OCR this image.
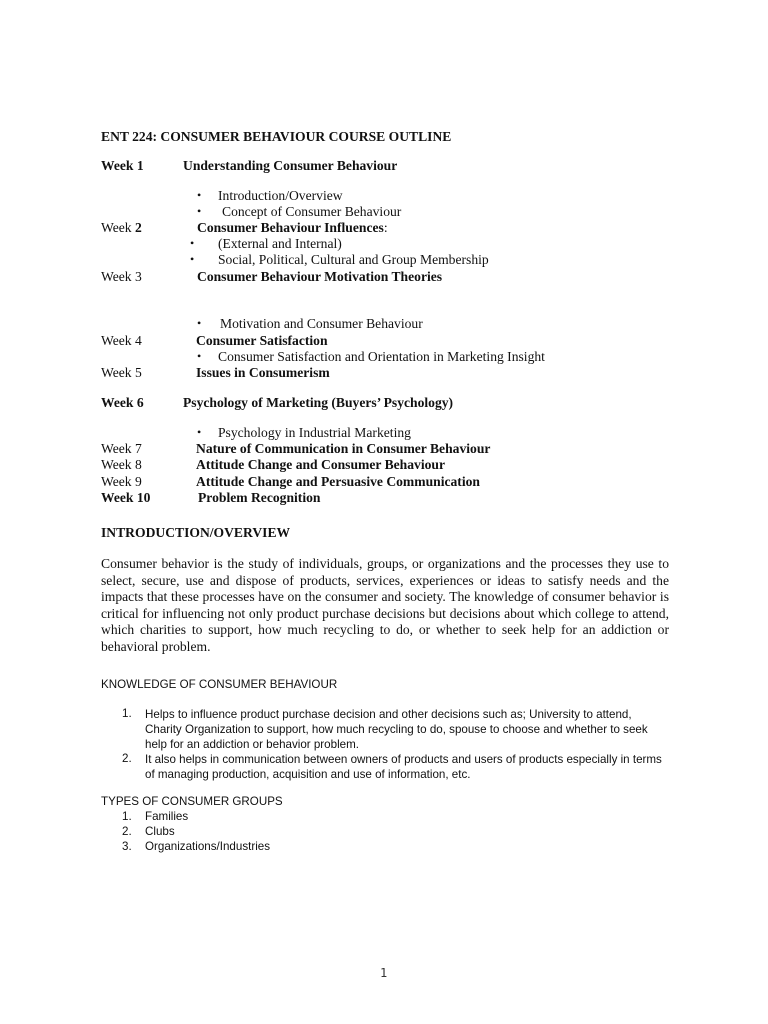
ENT 224: CONSUMER BEHAVIOUR COURSE OUTLINE
Week 1	Understanding Consumer Behaviour
• Introduction/Overview
• Concept of Consumer Behaviour
Week 2	Consumer Behaviour Influences:
• (External and Internal)
• Social, Political, Cultural and Group Membership
Week 3	Consumer Behaviour Motivation Theories
• Motivation and Consumer Behaviour
Week 4	Consumer Satisfaction
• Consumer Satisfaction and Orientation in Marketing Insight
Week 5	Issues in Consumerism
Week 6	Psychology of Marketing (Buyers’ Psychology)
• Psychology in Industrial Marketing
Week 7	Nature of Communication in Consumer Behaviour
Week 8	Attitude Change and Consumer Behaviour
Week 9	Attitude Change and Persuasive Communication
Week 10	Problem Recognition
INTRODUCTION/OVERVIEW
Consumer behavior is the study of individuals, groups, or organizations and the processes they use to select, secure, use and dispose of products, services, experiences or ideas to satisfy needs and the impacts that these processes have on the consumer and society. The knowledge of consumer behavior is critical for influencing not only product purchase decisions but decisions about which college to attend, which charities to support, how much recycling to do, or whether to seek help for an addiction or behavioral problem.
KNOWLEDGE OF CONSUMER BEHAVIOUR
1. Helps to influence product purchase decision and other decisions such as; University to attend, Charity Organization to support, how much recycling to do, spouse to choose and whether to seek help for an addiction or behavior problem.
2. It also helps in communication between owners of products and users of products especially in terms of managing production, acquisition and use of information, etc.
TYPES OF CONSUMER GROUPS
1. Families
2. Clubs
3. Organizations/Industries
1
